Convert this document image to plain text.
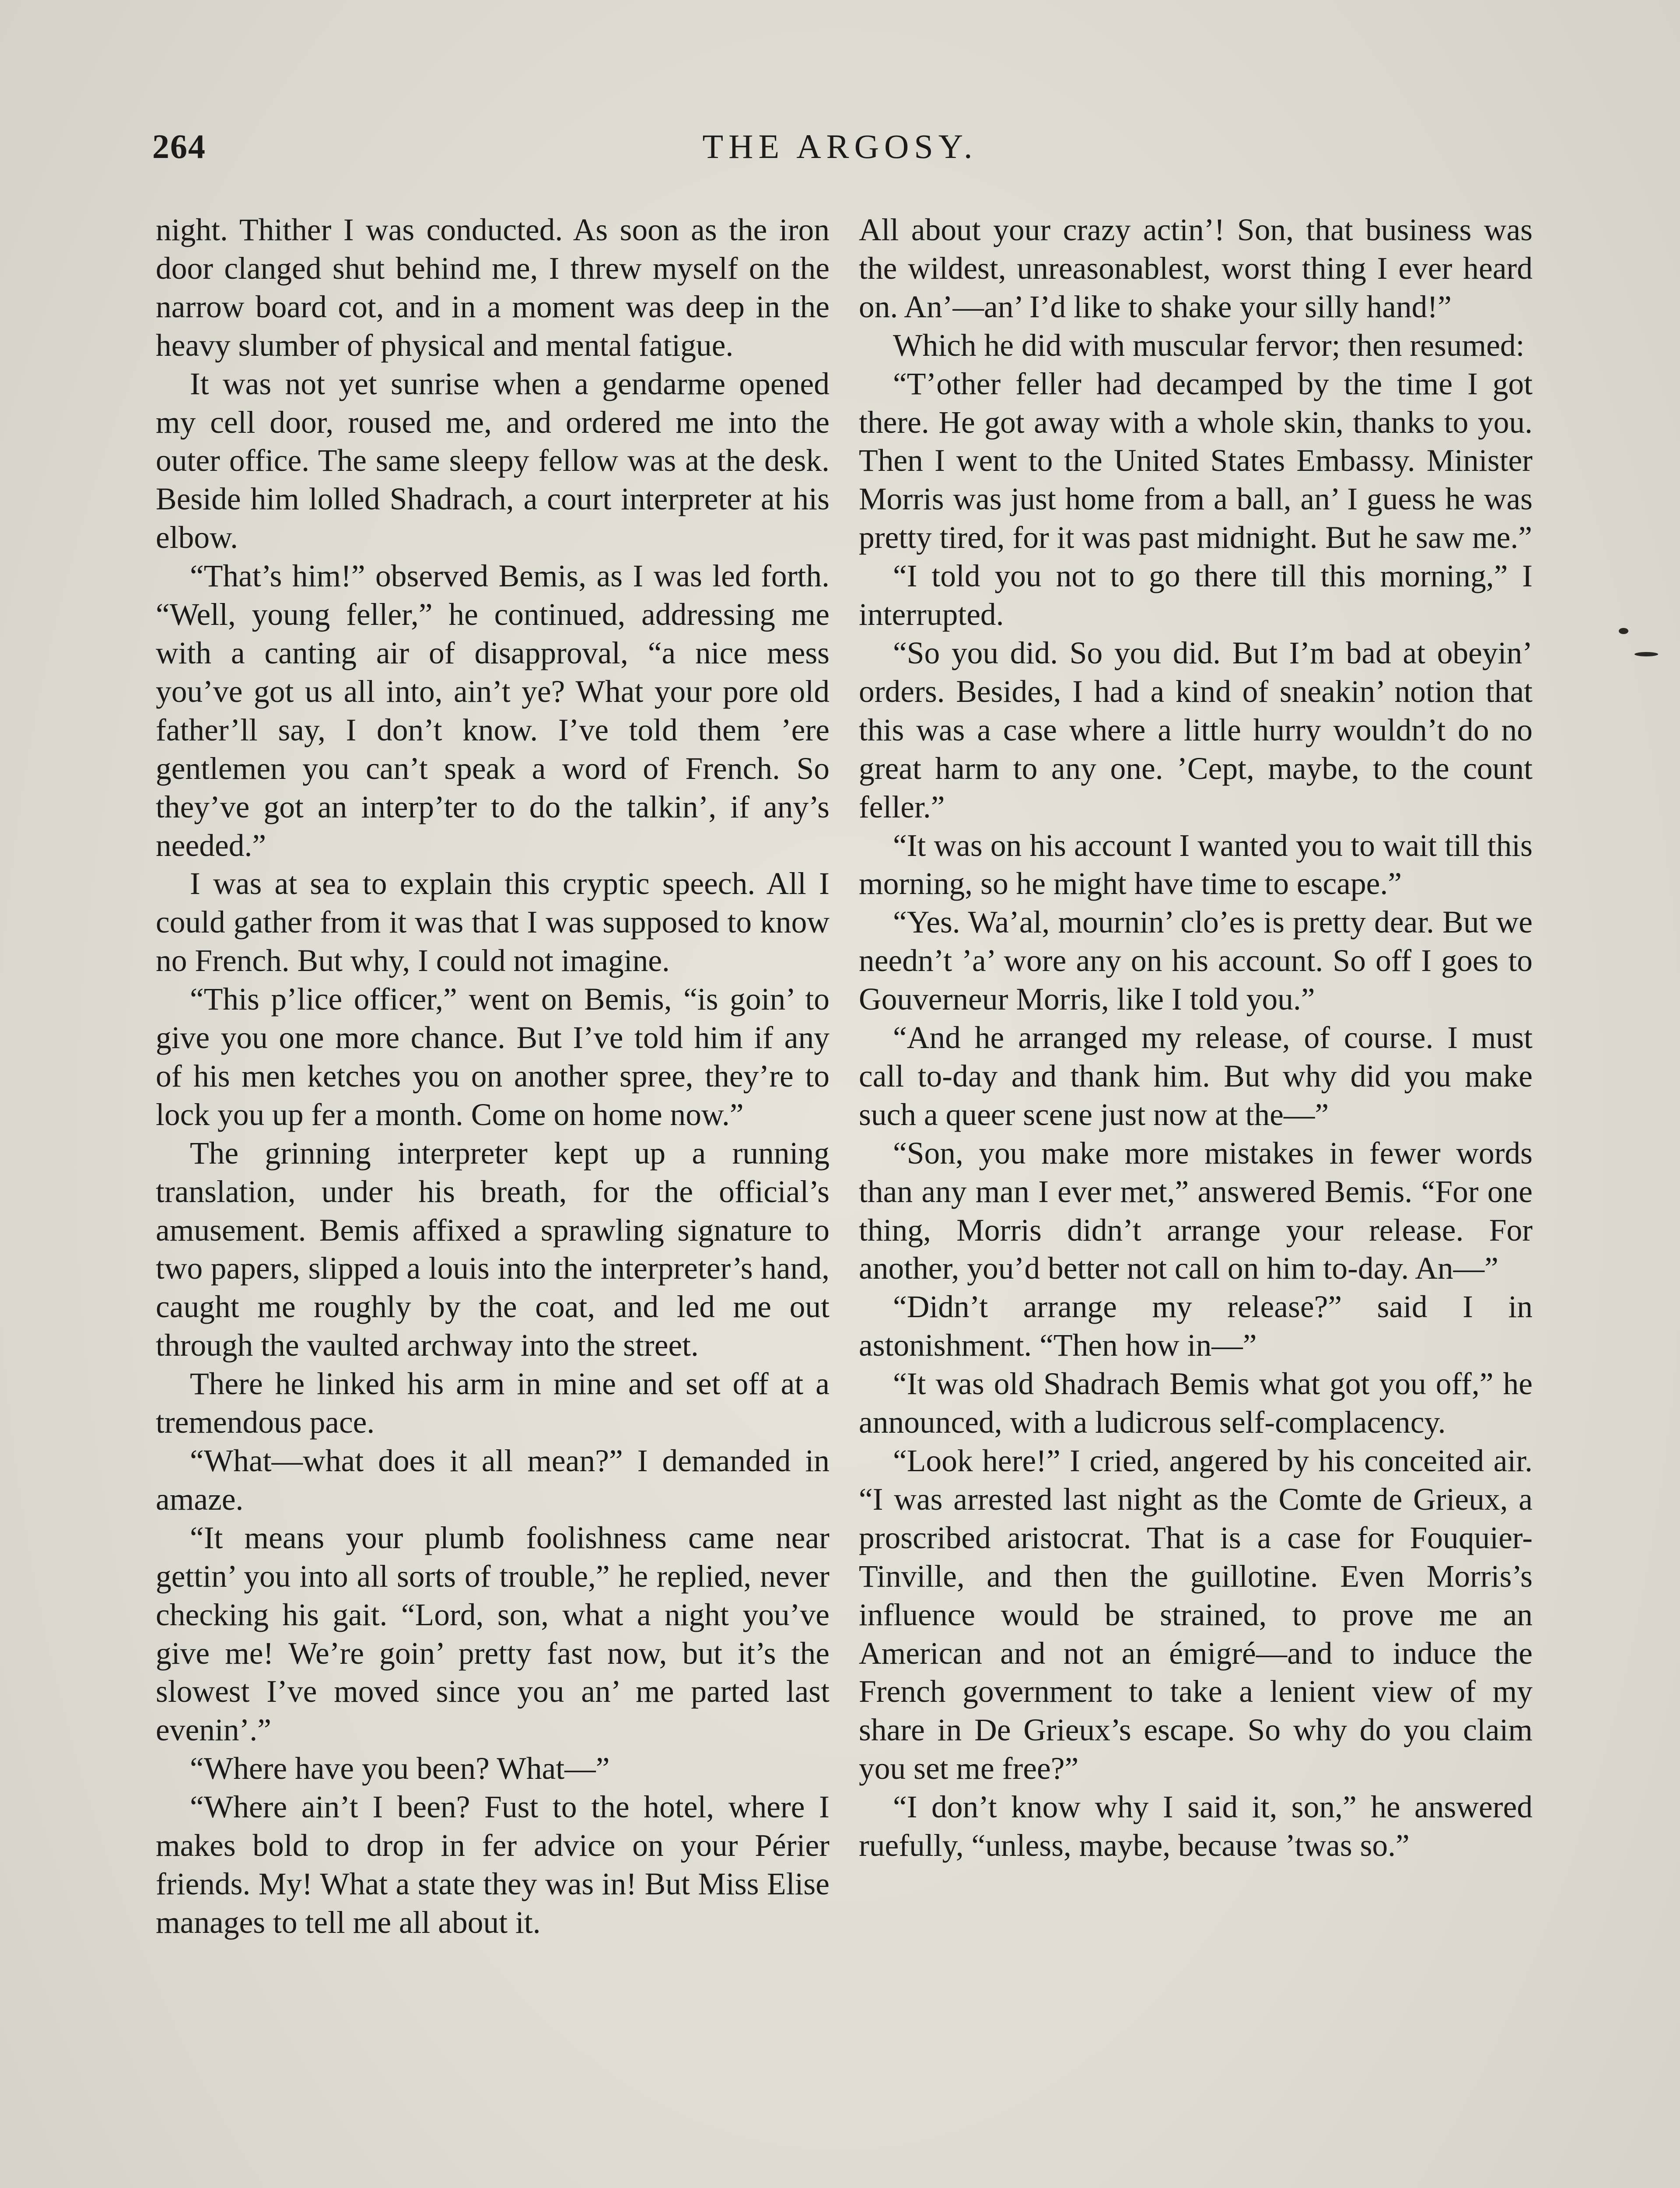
264	THE ARGOSY.

night. Thither I was conducted. As soon as the iron door clanged shut behind me, I threw myself on the narrow board cot, and in a moment was deep in the heavy slumber of physical and mental fatigue.

It was not yet sunrise when a gendarme opened my cell door, roused me, and ordered me into the outer office. The same sleepy fellow was at the desk. Beside him lolled Shadrach, a court interpreter at his elbow.

“That’s him!” observed Bemis, as I was led forth. “Well, young feller,” he continued, addressing me with a canting air of disapproval, “a nice mess you’ve got us all into, ain’t ye? What your pore old father’ll say, I don’t know. I’ve told them ’ere gentlemen you can’t speak a word of French. So they’ve got an interp’ter to do the talkin’, if any’s needed.”

I was at sea to explain this cryptic speech. All I could gather from it was that I was supposed to know no French. But why, I could not imagine.

“This p’lice officer,” went on Bemis, “is goin’ to give you one more chance. But I’ve told him if any of his men ketches you on another spree, they’re to lock you up fer a month. Come on home now.”

The grinning interpreter kept up a running translation, under his breath, for the official’s amusement. Bemis affixed a sprawling signature to two papers, slipped a louis into the interpreter’s hand, caught me roughly by the coat, and led me out through the vaulted archway into the street.

There he linked his arm in mine and set off at a tremendous pace.

“What—what does it all mean?” I demanded in amaze.

“It means your plumb foolishness came near gettin’ you into all sorts of trouble,” he replied, never checking his gait. “Lord, son, what a night you’ve give me! We’re goin’ pretty fast now, but it’s the slowest I’ve moved since you an’ me parted last evenin’.”

“Where have you been? What—”

“Where ain’t I been? Fust to the hotel, where I makes bold to drop in fer advice on your Périer friends. My! What a state they was in! But Miss Elise manages to tell me all about it.

All about your crazy actin’! Son, that business was the wildest, unreasonablest, worst thing I ever heard on. An’—an’ I’d like to shake your silly hand!”

Which he did with muscular fervor; then resumed:

“T’other feller had decamped by the time I got there. He got away with a whole skin, thanks to you. Then I went to the United States Embassy. Minister Morris was just home from a ball, an’ I guess he was pretty tired, for it was past midnight. But he saw me.”

“I told you not to go there till this morning,” I interrupted.

“So you did. So you did. But I’m bad at obeyin’ orders. Besides, I had a kind of sneakin’ notion that this was a case where a little hurry wouldn’t do no great harm to any one. ’Cept, maybe, to the count feller.”

“It was on his account I wanted you to wait till this morning, so he might have time to escape.”

“Yes. Wa’al, mournin’ clo’es is pretty dear. But we needn’t ’a’ wore any on his account. So off I goes to Gouverneur Morris, like I told you.”

“And he arranged my release, of course. I must call to-day and thank him. But why did you make such a queer scene just now at the—”

“Son, you make more mistakes in fewer words than any man I ever met,” answered Bemis. “For one thing, Morris didn’t arrange your release. For another, you’d better not call on him to-day. An—”

“Didn’t arrange my release?” said I in astonishment. “Then how in—”

“It was old Shadrach Bemis what got you off,” he announced, with a ludicrous self-complacency.

“Look here!” I cried, angered by his conceited air. “I was arrested last night as the Comte de Grieux, a proscribed aristocrat. That is a case for Fouquier-Tinville, and then the guillotine. Even Morris’s influence would be strained, to prove me an American and not an émigré—and to induce the French government to take a lenient view of my share in De Grieux’s escape. So why do you claim you set me free?”

“I don’t know why I said it, son,” he answered ruefully, “unless, maybe, because ’twas so.”
